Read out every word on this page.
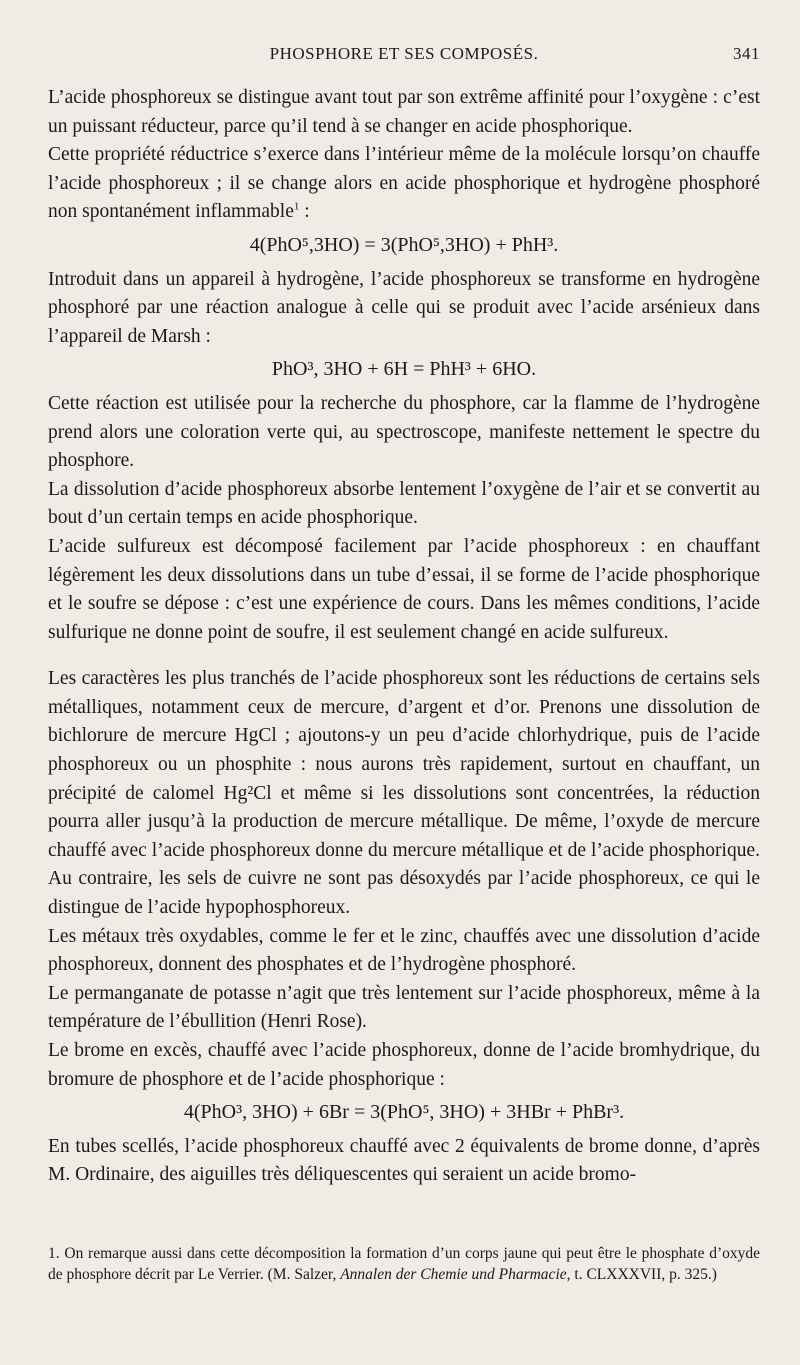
PHOSPHORE ET SES COMPOSÉS.	341

L’acide phosphoreux se distingue avant tout par son extrême affinité pour l’oxygène : c’est un puissant réducteur, parce qu’il tend à se changer en acide phosphorique.

Cette propriété réductrice s’exerce dans l’intérieur même de la molécule lorsqu’on chauffe l’acide phosphoreux ; il se change alors en acide phosphorique et hydrogène phosphoré non spontanément inflammable$^1$ :

4(PhO⁵,3HO) = 3(PhO⁵,3HO) + PhH³.

Introduit dans un appareil à hydrogène, l’acide phosphoreux se transforme en hydrogène phosphoré par une réaction analogue à celle qui se produit avec l’acide arsénieux dans l’appareil de Marsh :

PhO³, 3HO + 6H = PhH³ + 6HO.

Cette réaction est utilisée pour la recherche du phosphore, car la flamme de l’hydrogène prend alors une coloration verte qui, au spectroscope, manifeste nettement le spectre du phosphore.

La dissolution d’acide phosphoreux absorbe lentement l’oxygène de l’air et se convertit au bout d’un certain temps en acide phosphorique.

L’acide sulfureux est décomposé facilement par l’acide phosphoreux : en chauffant légèrement les deux dissolutions dans un tube d’essai, il se forme de l’acide phosphorique et le soufre se dépose : c’est une expérience de cours. Dans les mêmes conditions, l’acide sulfurique ne donne point de soufre, il est seulement changé en acide sulfureux.

Les caractères les plus tranchés de l’acide phosphoreux sont les réductions de certains sels métalliques, notamment ceux de mercure, d’argent et d’or. Prenons une dissolution de bichlorure de mercure HgCl ; ajoutons-y un peu d’acide chlorhydrique, puis de l’acide phosphoreux ou un phosphite : nous aurons très rapidement, surtout en chauffant, un précipité de calomel Hg²Cl et même si les dissolutions sont concentrées, la réduction pourra aller jusqu’à la production de mercure métallique. De même, l’oxyde de mercure chauffé avec l’acide phosphoreux donne du mercure métallique et de l’acide phosphorique. Au contraire, les sels de cuivre ne sont pas désoxydés par l’acide phosphoreux, ce qui le distingue de l’acide hypophosphoreux.

Les métaux très oxydables, comme le fer et le zinc, chauffés avec une dissolution d’acide phosphoreux, donnent des phosphates et de l’hydrogène phosphoré.

Le permanganate de potasse n’agit que très lentement sur l’acide phosphoreux, même à la température de l’ébullition (Henri Rose).

Le brome en excès, chauffé avec l’acide phosphoreux, donne de l’acide bromhydrique, du bromure de phosphore et de l’acide phosphorique :

4(PhO³, 3HO) + 6Br = 3(PhO⁵, 3HO) + 3HBr + PhBr³.

En tubes scellés, l’acide phosphoreux chauffé avec 2 équivalents de brome donne, d’après M. Ordinaire, des aiguilles très déliquescentes qui seraient un acide bromo-

1. On remarque aussi dans cette décomposition la formation d’un corps jaune qui peut être le phosphate d’oxyde de phosphore décrit par Le Verrier. (M. Salzer, Annalen der Chemie und Pharmacie, t. CLXXXVII, p. 325.)
